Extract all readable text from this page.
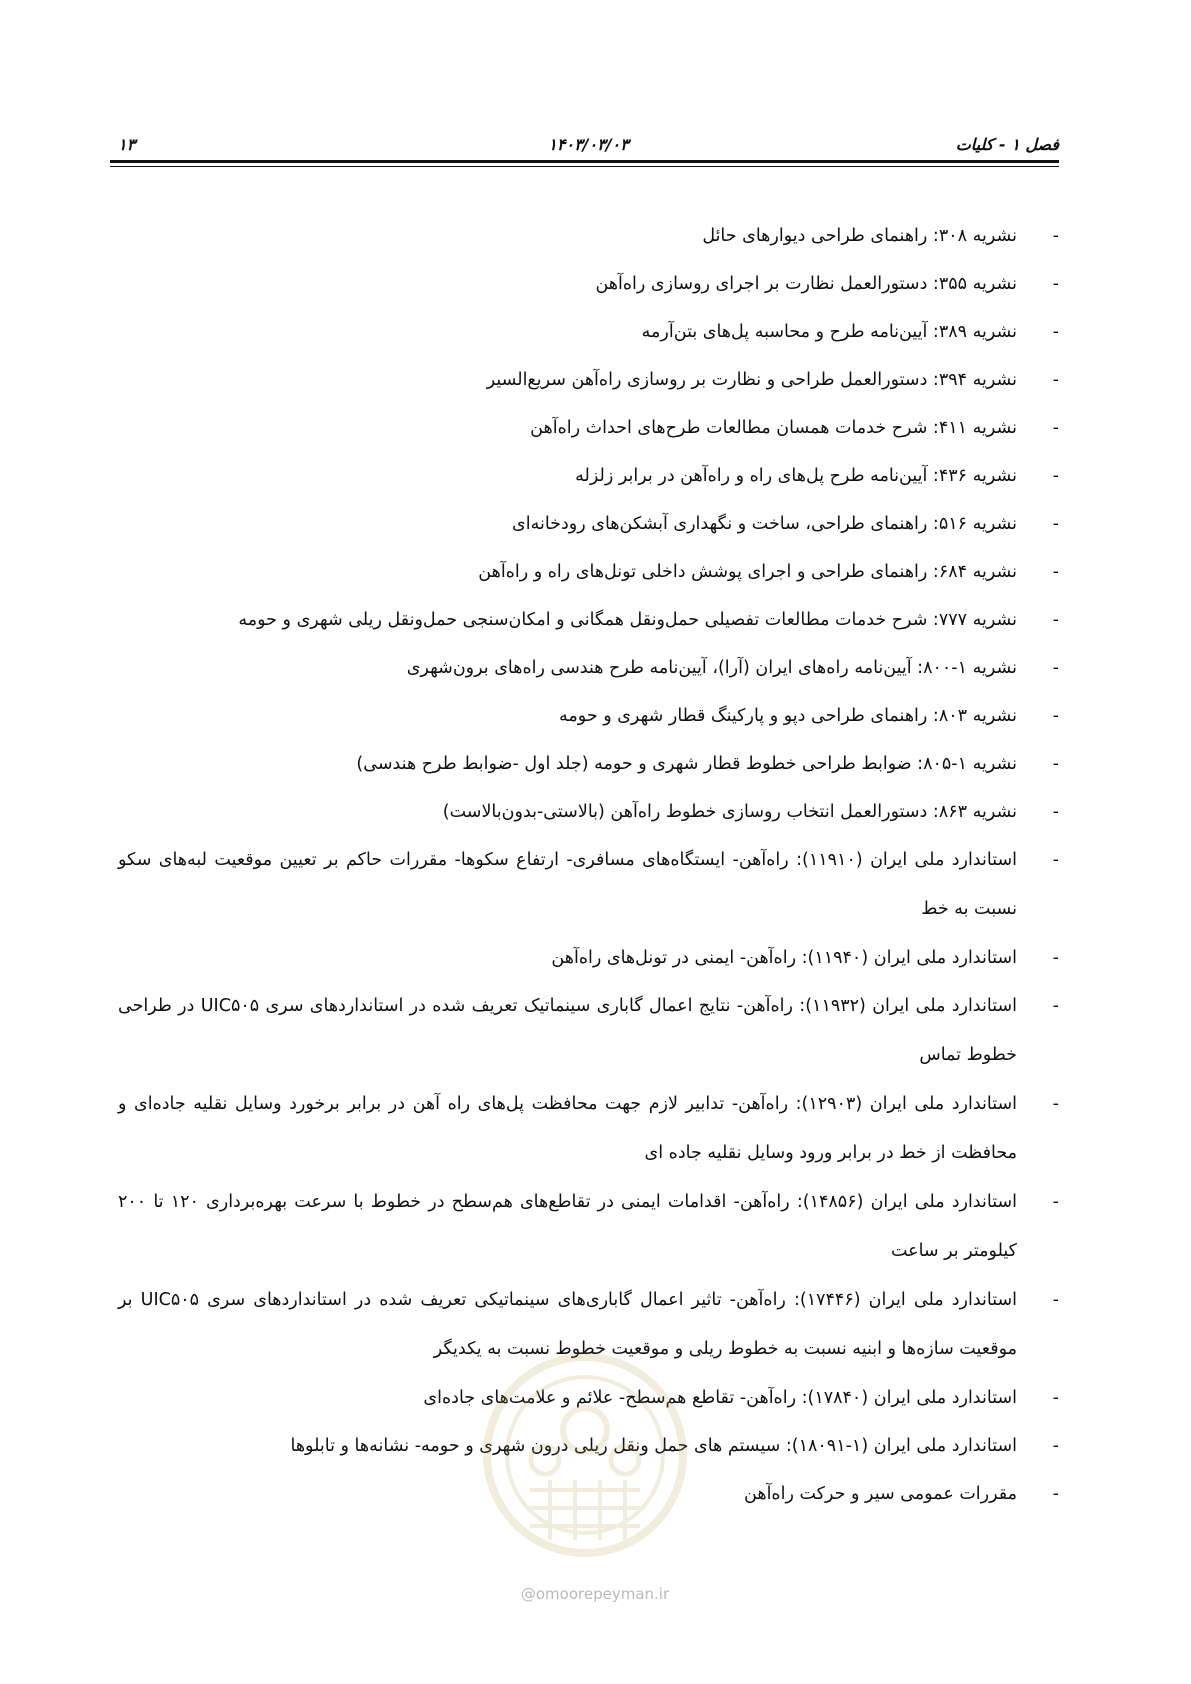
فصل ۱ - کلیات
۱۴۰۳/۰۳/۰۳
۱۳
- نشریه ۳۰۸: راهنمای طراحی دیوارهای حائل
- نشریه ۳۵۵: دستورالعمل نظارت بر اجرای روسازی راه‌آهن
- نشریه ۳۸۹: آیین‌نامه طرح و محاسبه پل‌های بتن‌آرمه
- نشریه ۳۹۴: دستورالعمل طراحی و نظارت بر روسازی راه‌آهن سریع‌السیر
- نشریه ۴۱۱: شرح خدمات همسان مطالعات طرح‌های احداث راه‌آهن
- نشریه ۴۳۶: آیین‌نامه طرح پل‌های راه و راه‌آهن در برابر زلزله
- نشریه ۵۱۶: راهنمای طراحی، ساخت و نگهداری آبشکن‌های رودخانه‌ای
- نشریه ۶۸۴: راهنمای طراحی و اجرای پوشش داخلی تونل‌های راه و راه‌آهن
- نشریه ۷۷۷: شرح خدمات مطالعات تفصیلی حمل‌ونقل همگانی و امکان‌سنجی حمل‌ونقل ریلی شهری و حومه
- نشریه ۱-۸۰۰: آیین‌نامه راه‌های ایران (آرا)، آیین‌نامه طرح هندسی راه‌های برون‌شهری
- نشریه ۸۰۳: راهنمای طراحی دپو و پارکینگ قطار شهری و حومه
- نشریه ۱-۸۰۵: ضوابط طراحی خطوط قطار شهری و حومه (جلد اول -ضوابط طرح هندسی)
- نشریه ۸۶۳: دستورالعمل انتخاب روسازی خطوط راه‌آهن (بالاستی-بدون‌بالاست)
- استاندارد ملی ایران (۱۱۹۱۰): راه‌آهن- ایستگاه‌های مسافری- ارتفاع سکوها- مقررات حاکم بر تعیین موقعیت لبه‌های سکو نسبت به خط
- استاندارد ملی ایران (۱۱۹۴۰): راه‌آهن- ایمنی در تونل‌های راه‌آهن
- استاندارد ملی ایران (۱۱۹۳۲): راه‌آهن- نتایج اعمال گاباری سینماتیک تعریف شده در استانداردهای سری UIC۵۰۵ در طراحی خطوط تماس
- استاندارد ملی ایران (۱۲۹۰۳): راه‌آهن- تدابیر لازم جهت محافظت پل‌های راه آهن در برابر برخورد وسایل نقلیه جاده‌ای و محافظت از خط در برابر ورود وسایل نقلیه جاده ای
- استاندارد ملی ایران (۱۴۸۵۶): راه‌آهن- اقدامات ایمنی در تقاطع‌های هم‌سطح در خطوط با سرعت بهره‌برداری ۱۲۰ تا ۲۰۰ کیلومتر بر ساعت
- استاندارد ملی ایران (۱۷۴۴۶): راه‌آهن- تاثیر اعمال گاباری‌های سینماتیکی تعریف شده در استانداردهای سری UIC۵۰۵ بر موقعیت سازه‌ها و ابنیه نسبت به خطوط ریلی و موقعیت خطوط نسبت به یکدیگر
- استاندارد ملی ایران (۱۷۸۴۰): راه‌آهن- تقاطع هم‌سطح- علائم و علامت‌های جاده‌ای
- استاندارد ملی ایران (۱-۱۸۰۹۱): سیستم های حمل ونقل ریلی درون شهری و حومه- نشانه‌ها و تابلوها
- مقررات عمومی سیر و حرکت راه‌آهن
@omoorepeyman.ir
